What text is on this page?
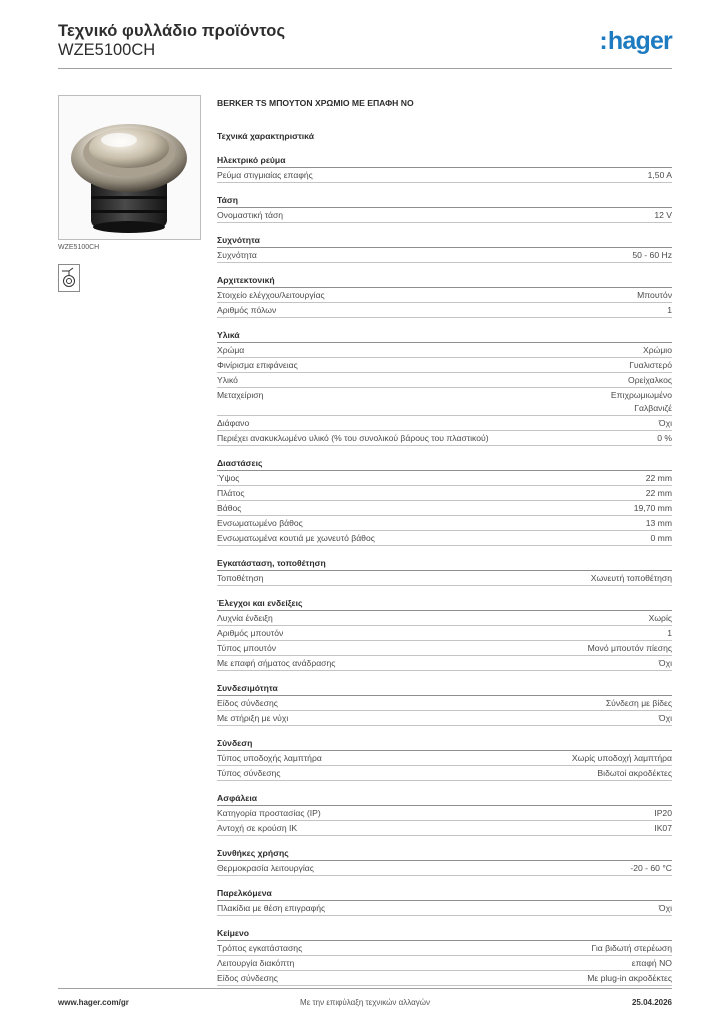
Τεχνικό φυλλάδιο προϊόντος
WZE5100CH	:hager
WZE5100CH
BERKER TS ΜΠΟΥΤΟΝ ΧΡΩΜΙΟ ΜΕ ΕΠΑΦΗ NO
Τεχνικά χαρακτηριστικά
Ηλεκτρικό ρεύμα
Ρεύμα στιγμιαίας επαφής	1,50 A
Τάση
Ονομαστική τάση	12 V
Συχνότητα
Συχνότητα	50 - 60 Hz
Αρχιτεκτονική
Στοιχείο ελέγχου/λειτουργίας	Μπουτόν
Αριθμός πόλων	1
Υλικά
Χρώμα	Χρώμιο
Φινίρισμα επιφάνειας	Γυαλιστερό
Υλικό	Ορείχαλκος
Μεταχείριση	Επιχρωμιωμένο
Γαλβανιζέ
Διάφανο	Όχι
Περιέχει ανακυκλωμένο υλικό (% του συνολικού βάρους του πλαστικού)	0 %
Διαστάσεις
Ύψος	22 mm
Πλάτος	22 mm
Βάθος	19,70 mm
Ενσωματωμένο βάθος	13 mm
Ενσωματωμένα κουτιά με χωνευτό βάθος	0 mm
Εγκατάσταση, τοποθέτηση
Τοποθέτηση	Χωνευτή τοποθέτηση
Έλεγχοι και ενδείξεις
Λυχνία ένδειξη	Χωρίς
Αριθμός μπουτόν	1
Τύπος μπουτόν	Μονό μπουτόν πίεσης
Με επαφή σήματος ανάδρασης	Όχι
Συνδεσιμότητα
Είδος σύνδεσης	Σύνδεση με βίδες
Με στήριξη με νύχι	Όχι
Σύνδεση
Τύπος υποδοχής λαμπτήρα	Χωρίς υποδοχή λαμπτήρα
Τύπος σύνδεσης	Βιδωτοί ακροδέκτες
Ασφάλεια
Κατηγορία προστασίας (IP)	IP20
Αντοχή σε κρούση IK	IK07
Συνθήκες χρήσης
Θερμοκρασία λειτουργίας	-20 - 60 °C
Παρελκόμενα
Πλακίδια με θέση επιγραφής	Όχι
Κείμενο
Τρόπος εγκατάστασης	Για βιδωτή στερέωση
Λειτουργία διακόπτη	επαφή NO
Είδος σύνδεσης	Με plug-in ακροδέκτες
www.hager.com/gr	Με την επιφύλαξη τεχνικών αλλαγών	25.04.2026
